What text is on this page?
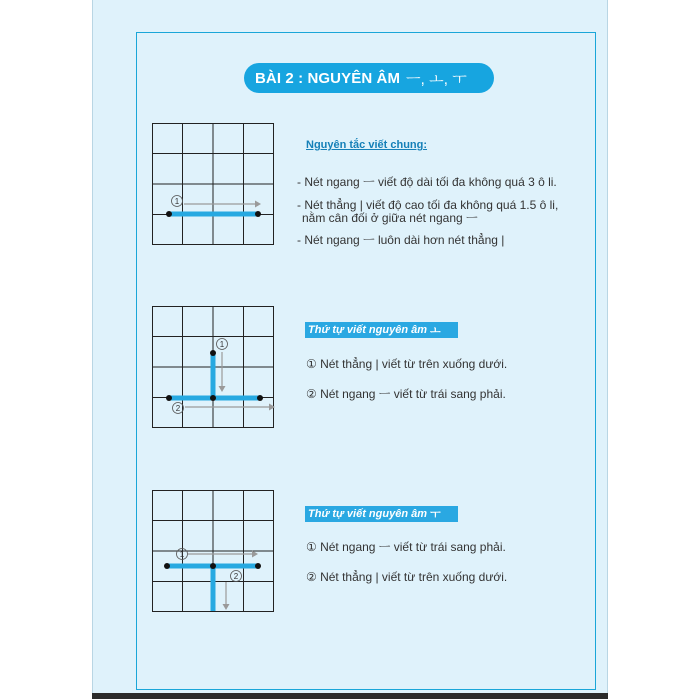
BÀI 2 : NGUYÊN ÂM ㅡ, ㅗ, ㅜ
1
Nguyên tắc viết chung:
- Nét ngang ㅡ viết độ dài tối đa không quá 3 ô li.
- Nét thẳng | viết độ cao tối đa không quá 1.5 ô li,
nằm cân đối ở giữa nét ngang ㅡ
- Nét ngang ㅡ luôn dài hơn nét thẳng |
1
2
Thứ tự viết nguyên âm ㅗ
① Nét thẳng | viết từ trên xuống dưới.
② Nét ngang ㅡ viết từ trái sang phải.
1
2
Thứ tự viết nguyên âm ㅜ
① Nét ngang ㅡ viết từ trái sang phải.
② Nét thẳng | viết từ trên xuống dưới.
